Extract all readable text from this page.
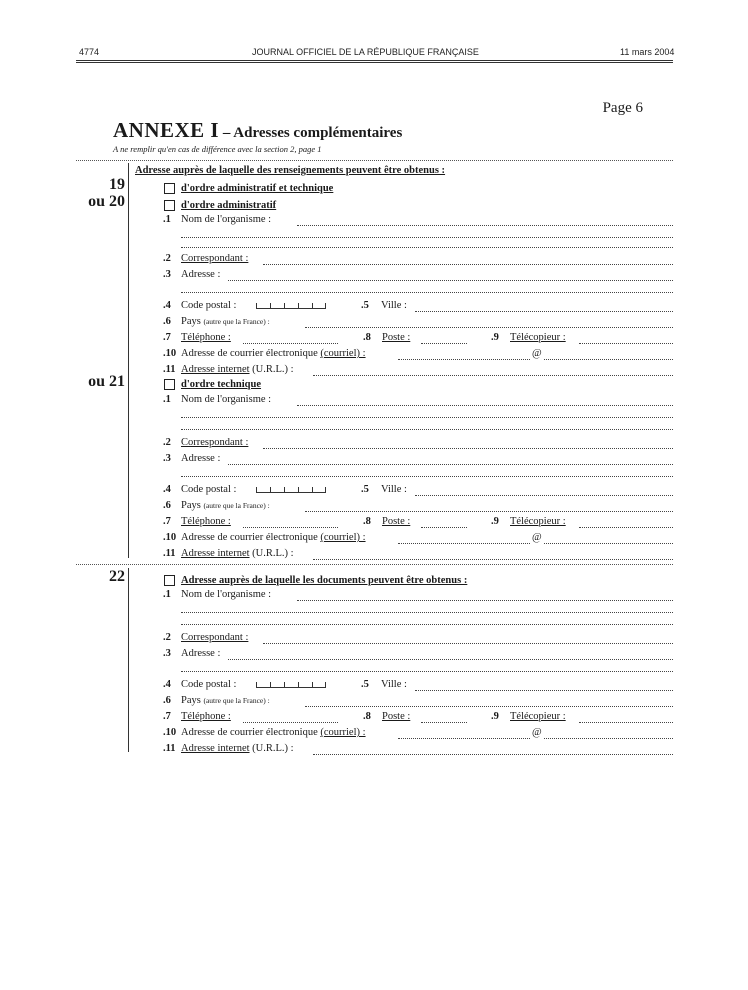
4774	JOURNAL OFFICIEL DE LA RÉPUBLIQUE FRANÇAISE	11 mars 2004
Page 6
ANNEXE I – Adresses complémentaires
A ne remplir qu'en cas de différence avec la section 2, page 1
Adresse auprès de laquelle des renseignements peuvent être obtenus :
19
ou 20
ou 21
d'ordre administratif et technique
d'ordre administratif
.1 Nom de l'organisme :
.2 Correspondant :
.3 Adresse :
.4 Code postal :	.5 Ville :
.6 Pays (autre que la France) :
.7 Téléphone :	.8 Poste :	.9 Télécopieur :
.10 Adresse de courrier électronique (courriel) :	@
.11 Adresse internet (U.R.L.) :
d'ordre technique
.1 Nom de l'organisme :
.2 Correspondant :
.3 Adresse :
.4 Code postal :	.5 Ville :
.6 Pays (autre que la France) :
.7 Téléphone :	.8 Poste :	.9 Télécopieur :
.10 Adresse de courrier électronique (courriel) :	@
.11 Adresse internet (U.R.L.) :
22	Adresse auprès de laquelle les documents peuvent être obtenus :
.1 Nom de l'organisme :
.2 Correspondant :
.3 Adresse :
.4 Code postal :	.5 Ville :
.6 Pays (autre que la France) :
.7 Téléphone :	.8 Poste :	.9 Télécopieur :
.10 Adresse de courrier électronique (courriel) :	@
.11 Adresse internet (U.R.L.) :
